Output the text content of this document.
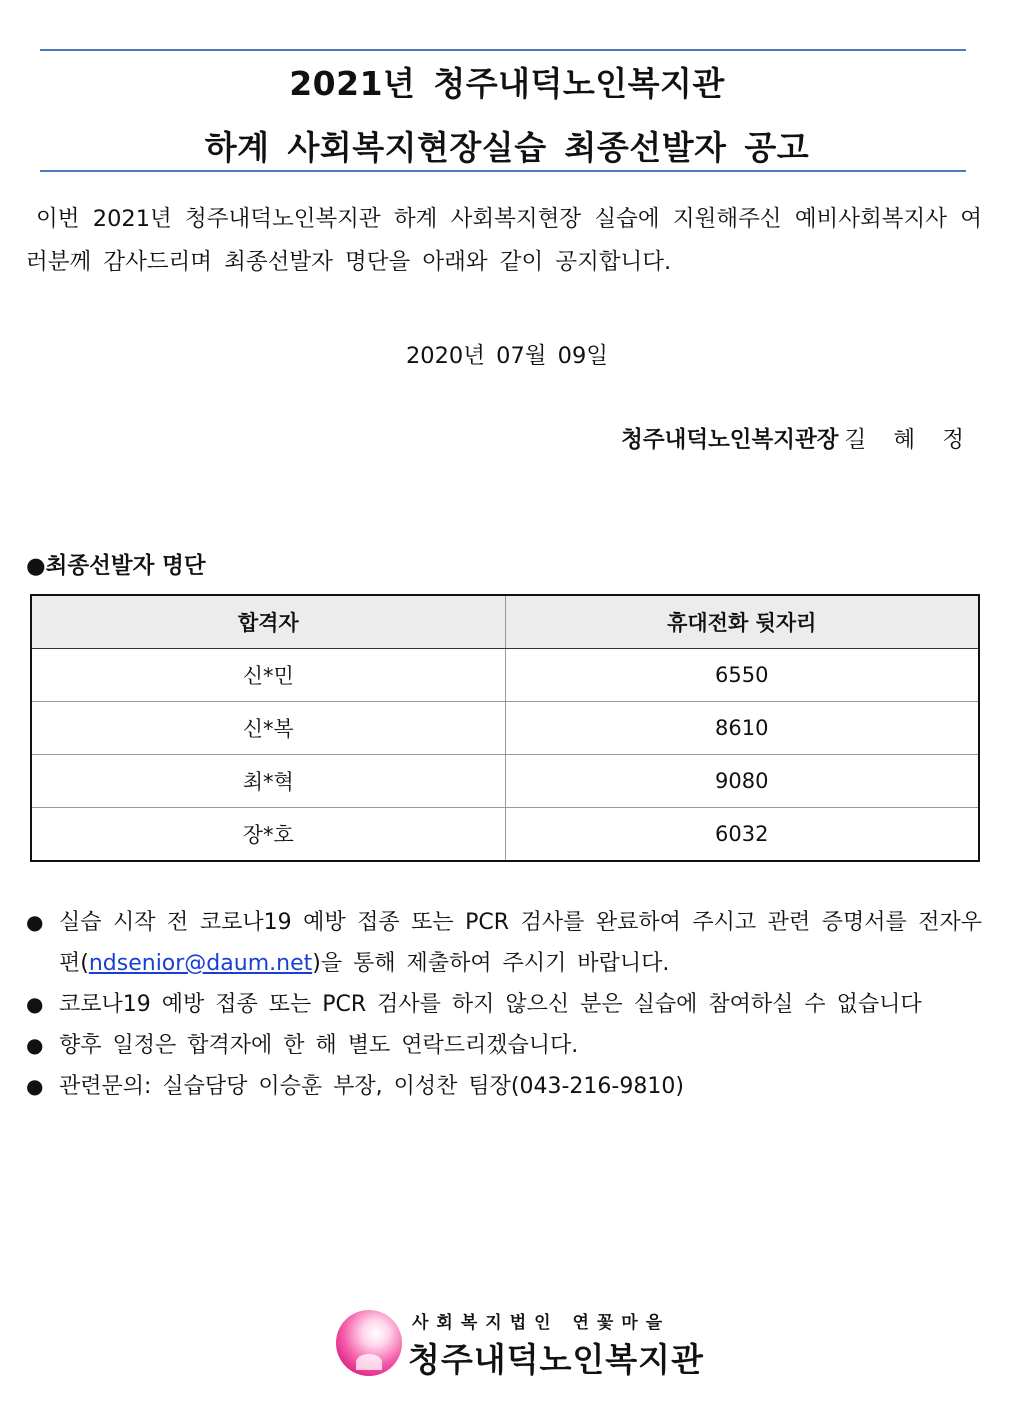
2021년 청주내덕노인복지관
하계 사회복지현장실습 최종선발자 공고
이번 2021년 청주내덕노인복지관 하계 사회복지현장 실습에 지원해주신 예비사회복지사 여러분께 감사드리며 최종선발자 명단을 아래와 같이 공지합니다.
2020년 07월 09일
청주내덕노인복지관장 길 혜 정
●최종선발자 명단
합격자	휴대전화 뒷자리
신*민	6550
신*복	8610
최*혁	9080
장*호	6032
● 실습 시작 전 코로나19 예방 접종 또는 PCR 검사를 완료하여 주시고 관련 증명서를 전자우편(ndsenior@daum.net)을 통해 제출하여 주시기 바랍니다.
● 코로나19 예방 접종 또는 PCR 검사를 하지 않으신 분은 실습에 참여하실 수 없습니다
● 향후 일정은 합격자에 한 해 별도 연락드리겠습니다.
● 관련문의: 실습담당 이승훈 부장, 이성찬 팀장(043-216-9810)
사회복지법인 연꽃마을
청주내덕노인복지관
